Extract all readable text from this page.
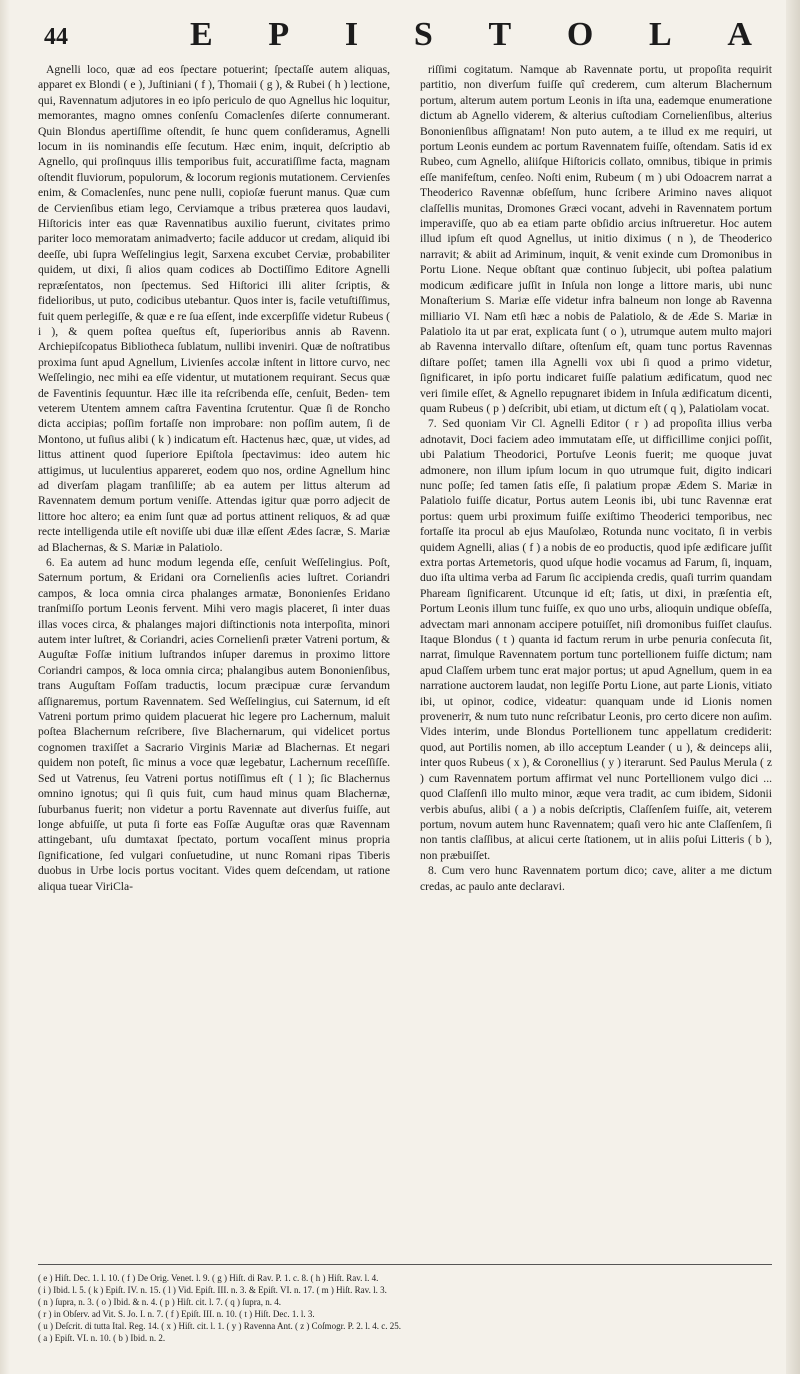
44	E P I S T O L A

Agnelli loco, quæ ad eos ſpectare potuerint; ſpectaſſe autem aliquas, apparet ex Blondi ( e ), Juſtiniani ( f ), Thomaii ( g ), & Rubei ( h ) lectione, qui, Ravennatum adjutores in eo ipſo periculo de quo Agnellus hic loquitur, memorantes, magno omnes conſenſu Comaclenſes diſerte connumerant. Quin Blondus apertiſſime oſtendit, ſe hunc quem conſideramus, Agnelli locum in iis nominandis eſſe ſecutum. Hæc enim, inquit, deſcriptio ab Agnello, qui proſinquus illis temporibus fuit, accuratiſſime facta, magnam oſtendit fluviorum, populorum, & locorum regionis mutationem. Cervienſes enim, & Comaclenſes, nunc pene nulli, copioſæ fuerunt manus. Quæ cum de Cervienſibus etiam lego, Cerviamque a tribus præterea quos laudavi, Hiſtoricis inter eas quæ Ravennatibus auxilio fuerunt, civitates primo pariter loco memoratam animadverto; facile adducor ut credam, aliquid ibi deeſſe, ubi ſupra Weſſelingius legit, Sarxena excubet Cerviæ, probabiliter quidem, ut dixi, ſi alios quam codices ab Doctiſſimo Editore Agnelli repræſentatos, non ſpectemus. Sed Hiſtorici illi aliter ſcriptis, & fidelioribus, ut puto, codicibus utebantur. Quos inter is, facile vetuſtiſſimus, fuit quem perlegiſſe, & quæ e re ſua eſſent, inde excerpſiſſe videtur Rubeus ( i ), & quem poſtea queſtus eſt, ſuperioribus annis ab Ravenn. Archiepiſcopatus Bibliotheca ſublatum, nullibi inveniri. Quæ de noſtratibus proxima ſunt apud Agnellum, Livienſes accolæ inſtent in littore curvo, nec Weſſelingio, nec mihi ea eſſe videntur, ut mutationem requirant. Secus quæ de Faventinis ſequuntur. Hæc ille ita reſcribenda eſſe, cenſuit, Beden- tem veterem Utentem amnem caſtra Faventina ſcrutentur. Quæ ſi de Roncho dicta accipias; poſſim fortaſſe non improbare: non poſſim autem, ſi de Montono, ut fuſius alibi ( k ) indicatum eſt. Hactenus hæc, quæ, ut vides, ad littus attinent quod ſuperiore Epiſtola ſpectavimus: ideo autem hic attigimus, ut luculentius appareret, eodem quo nos, ordine Agnellum hinc ad diverſam plagam tranſiliſſe; ab ea autem per littus alterum ad Ravennatem demum portum veniſſe. Attendas igitur quæ porro adjecit de littore hoc altero; ea enim ſunt quæ ad portus attinent reliquos, & ad quæ recte intelligenda utile eſt noviſſe ubi duæ illæ eſſent Ædes ſacræ, S. Mariæ ad Blachernas, & S. Mariæ in Palatiolo.

6. Ea autem ad hunc modum legenda eſſe, cenſuit Weſſelingius. Poſt, Saternum portum, & Eridani ora Cornelienſis acies luſtret. Coriandri campos, & loca omnia circa phalanges armatæ, Bononienſes Eridano tranſmiſſo portum Leonis fervent. Mihi vero magis placeret, ſi inter duas illas voces circa, & phalanges majori diſtinctionis nota interpoſita, minori autem inter luſtret, & Coriandri, acies Cornelienſi præter Vatreni portum, & Auguſtæ Foſſæ initium luſtrandos inſuper daremus in proximo littore Coriandri campos, & loca omnia circa; phalangibus autem Bononienſibus, trans Auguſtam Foſſam traductis, locum præcipuæ curæ ſervandum aſſignaremus, portum Ravennatem. Sed Weſſelingius, cui Saternum, id eſt Vatreni portum primo quidem placuerat hic legere pro Lachernum, maluit poſtea Blachernum reſcribere, ſive Blachernarum, qui videlicet portus cognomen traxiſſet a Sacrario Virginis Mariæ ad Blachernas. Et negari quidem non poteſt, ſic minus a voce quæ legebatur, Lachernum receſſiſſe. Sed ut Vatrenus, ſeu Vatreni portus notiſſimus eſt ( l ); ſic Blachernus omnino ignotus; qui ſi quis fuit, cum haud minus quam Blachernæ, ſuburbanus fuerit; non videtur a portu Ravennate aut diverſus fuiſſe, aut longe abfuiſſe, ut puta ſi forte eas Foſſæ Auguſtæ oras quæ Ravennam attingebant, uſu dumtaxat ſpectato, portum vocaſſent minus propria ſignificatione, ſed vulgari conſuetudine, ut nunc Romani ripas Tiberis duobus in Urbe locis portus vocitant. Vides quem deſcendam, ut ratione aliqua tuear ViriCla-

riſſimi cogitatum. Namque ab Ravennate portu, ut propoſita requirit partitio, non diverſum fuiſſe quî crederem, cum alterum Blachernum portum, alterum autem portum Leonis in iſta una, eademque enumeratione dictum ab Agnello viderem, & alterius cuſtodiam Cornelienſibus, alterius Bononienſibus aſſignatam! Non puto autem, a te illud ex me requiri, ut portum Leonis eundem ac portum Ravennatem fuiſſe, oſtendam. Satis id ex Rubeo, cum Agnello, aliiſque Hiſtoricis collato, omnibus, tibique in primis eſſe manifeſtum, cenſeo. Noſti enim, Rubeum ( m ) ubi Odoacrem narrat a Theoderico Ravennæ obſeſſum, hunc ſcribere Arimino naves aliquot claſſellis munitas, Dromones Græci vocant, advehi in Ravennatem portum imperaviſſe, quo ab ea etiam parte obſidio arcius inſtrueretur. Hoc autem illud ipſum eſt quod Agnellus, ut initio diximus ( n ), de Theoderico narravit; & abiit ad Ariminum, inquit, & venit exinde cum Dromonibus in Portu Lione. Neque obſtant quæ continuo ſubjecit, ubi poſtea palatium modicum ædificare juſſit in Inſula non longe a littore maris, ubi nunc Monaſterium S. Mariæ eſſe videtur infra balneum non longe ab Ravenna milliario VI. Nam etſi hæc a nobis de Palatiolo, & de Æde S. Mariæ in Palatiolo ita ut par erat, explicata ſunt ( o ), utrumque autem multo majori ab Ravenna intervallo diſtare, oſtenſum eſt, quam tunc portus Ravennas diſtare poſſet; tamen illa Agnelli vox ubi ſi quod a primo videtur, ſignificaret, in ipſo portu indicaret fuiſſe palatium ædificatum, quod nec veri ſimile eſſet, & Agnello repugnaret ibidem in Inſula ædificatum dicenti, quam Rubeus ( p ) deſcribit, ubi etiam, ut dictum eſt ( q ), Palatiolam vocat.

7. Sed quoniam Vir Cl. Agnelli Editor ( r ) ad propoſita illius verba adnotavit, Doci faciem adeo immutatam eſſe, ut difficillime conjici poſſit, ubi Palatium Theodorici, Portuſve Leonis fuerit; me quoque juvat admonere, non illum ipſum locum in quo utrumque fuit, digito indicari nunc poſſe; ſed tamen ſatis eſſe, ſi palatium propæ Ædem S. Mariæ in Palatiolo fuiſſe dicatur, Portus autem Leonis ibi, ubi tunc Ravennæ erat portus: quem urbi proximum fuiſſe exiſtimo Theoderici temporibus, nec fortaſſe ita procul ab ejus Mauſolæo, Rotunda nunc vocitato, ſi in verbis quidem Agnelli, alias ( f ) a nobis de eo productis, quod ipſe ædificare juſſit extra portas Artemetoris, quod uſque hodie vocamus ad Farum, ſi, inquam, duo iſta ultima verba ad Farum ſic accipienda credis, quaſi turrim quandam Phaream ſignificarent. Utcunque id eſt; ſatis, ut dixi, in præſentia eſt, Portum Leonis illum tunc fuiſſe, ex quo uno urbs, alioquin undique obſeſſa, advectam mari annonam accipere potuiſſet, niſi dromonibus fuiſſet clauſus. Itaque Blondus ( t ) quanta id factum rerum in urbe penuria conſecuta ſit, narrat, ſimulque Ravennatem portum tunc portellionem fuiſſe dictum; nam apud Claſſem urbem tunc erat major portus; ut apud Agnellum, quem in ea narratione auctorem laudat, non legiſſe Portu Lione, aut parte Lionis, vitiato ibi, ut opinor, codice, videatur: quanquam unde id Lionis nomen proveneriт, & num tuto nunc reſcribatur Leonis, pro certo dicere non auſim. Vides interim, unde Blondus Portellionem tunc appellatum crediderit: quod, aut Portilis nomen, ab illo acceptum Leander ( u ), & deinceps alii, inter quos Rubeus ( x ), & Coronellius ( y ) iterarunt. Sed Paulus Merula ( z ) cum Ravennatem portum affirmat vel nunc Portellionem vulgo dici ... quod Claſſenſi illo multo minor, æque vera tradit, ac cum ibidem, Sidonii verbis abuſus, alibi ( a ) a nobis deſcriptis, Claſſenſem fuiſſe, ait, veterem portum, novum autem hunc Ravennatem; quaſi vero hic ante Claſſenſem, ſi non tantis claſſibus, at alicui certe ſtationem, ut in aliis poſui Litteris ( b ), non præbuiſſet.

8. Cum vero hunc Ravennatem portum dico; cave, aliter a me dictum credas, ac paulo ante declaravi.

( e ) Hiſt. Dec. 1. l. 10. ( f ) De Orig. Venet. l. 9. ( g ) Hiſt. di Rav. P. 1. c. 8. ( h ) Hiſt. Rav. l. 4.
( i ) Ibid. l. 5. ( k ) Epiſt. IV. n. 15. ( l ) Vid. Epiſt. III. n. 3. & Epiſt. VI. n. 17. ( m ) Hiſt. Rav. l. 3.
( n ) ſupra, n. 3. ( o ) Ibid. & n. 4. ( p ) Hiſt. cit. l. 7. ( q ) ſupra, n. 4.
( r ) in Obſerv. ad Vit. S. Jo. I. n. 7. ( f ) Epiſt. III. n. 10. ( t ) Hiſt. Dec. 1. l. 3.
( u ) Deſcrit. di tutta Ital. Reg. 14. ( x ) Hiſt. cit. l. 1. ( y ) Ravenna Ant. ( z ) Coſmogr. P. 2. l. 4. c. 25.
( a ) Epiſt. VI. n. 10. ( b ) Ibid. n. 2.
